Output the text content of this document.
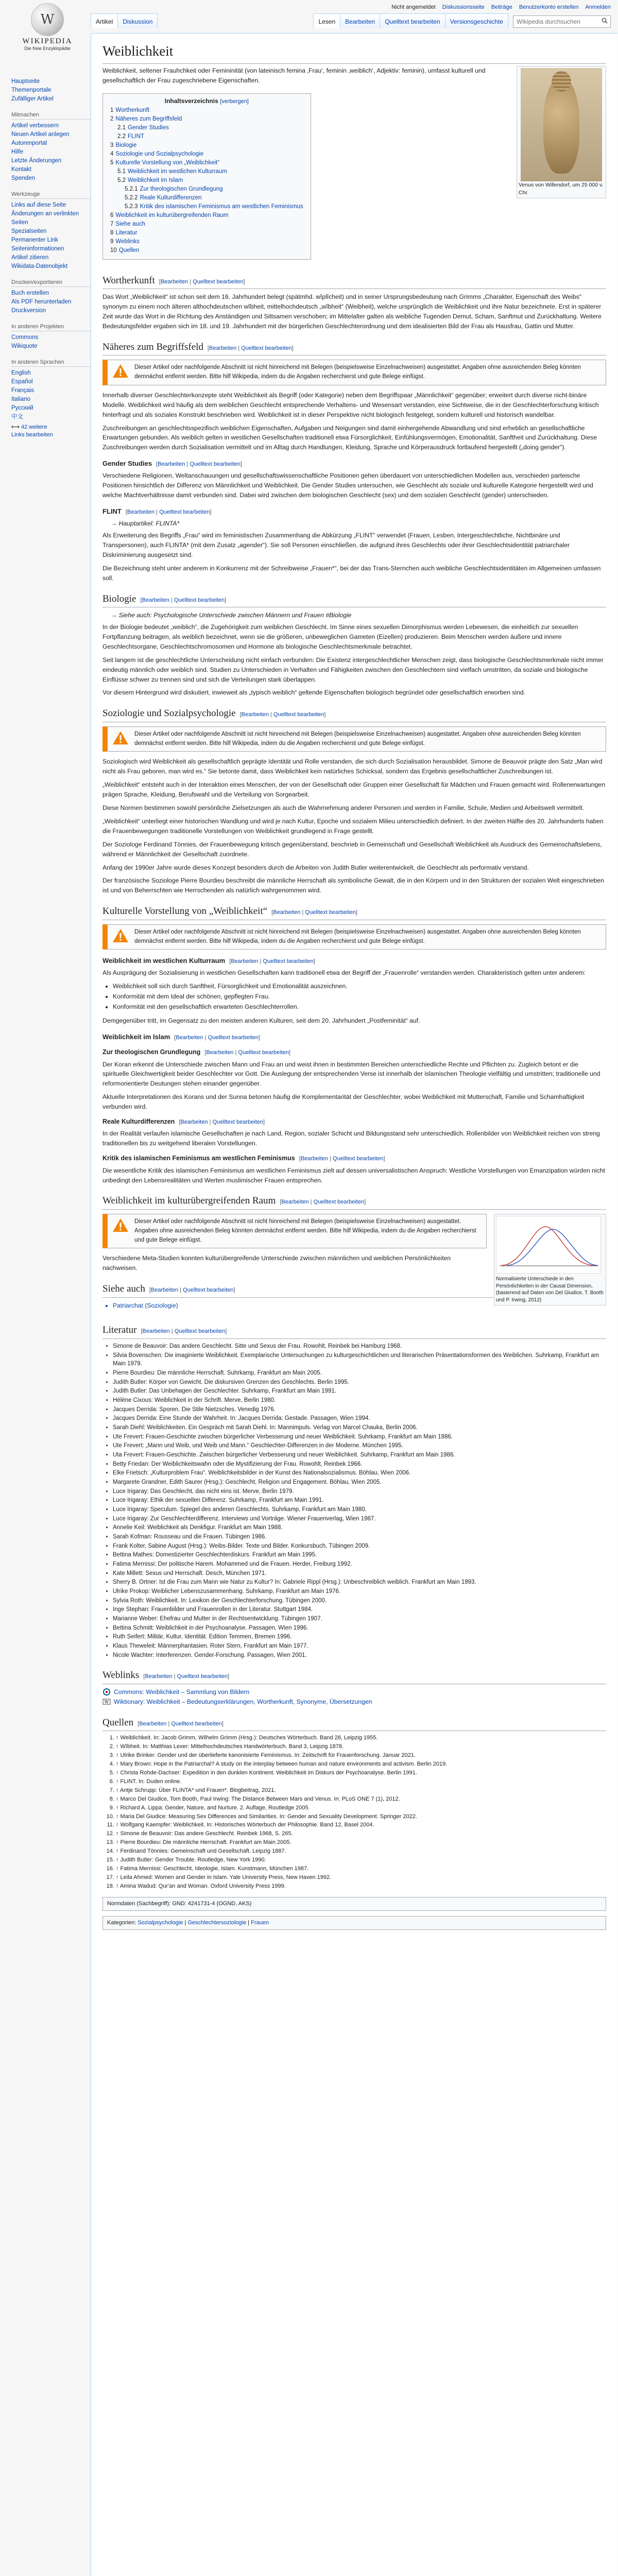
Nicht angemeldet Diskussionsseite Beiträge Benutzerkonto erstellen Anmelden
Artikel	Diskussion	Lesen	Bearbeiten	Quelltext bearbeiten	Versionsgeschichte
Wikipedia durchsuchen
W
WIKIPEDIA
Die freie Enzyklopädie
Hauptseite
Themenportale
Zufälliger Artikel
Mitmachen
Artikel verbessern
Neuen Artikel anlegen
Autorenportal
Hilfe
Letzte Änderungen
Kontakt
Spenden
Werkzeuge
Links auf diese Seite
Änderungen an verlinkten Seiten
Spezialseiten
Permanenter Link
Seiteninformationen
Artikel zitieren
Wikidata-Datenobjekt
Drucken/exportieren
Buch erstellen
Als PDF herunterladen
Druckversion
In anderen Projekten
Commons
Wikiquote
In anderen Sprachen
English
Español
Français
Italiano
Русский
中文
⟷ 42 weitere
Links bearbeiten
Weiblichkeit
Venus von Willendorf, um 25 000 v. Chr.

Weiblichkeit, seltener Frauhchkeit oder Femininität (von lateinisch femina ‚Frau‘, feminin ‚weiblich‘, Adjektiv: feminin), umfasst kulturell und gesellschaftlich der Frau zugeschriebene Eigenschaften.

Inhaltsverzeichnis [verbergen]
1 Wortherkunft
2 Näheres zum Begriffsfeld
2.1 Gender Studies
2.2 FLINT
3 Biologie
4 Soziologie und Sozialpsychologie
5 Kulturelle Vorstellung von „Weiblichkeit“
5.1 Weiblichkeit im westlichen Kulturraum
5.2 Weiblichkeit im Islam
5.2.1 Zur theologischen Grundlegung
5.2.2 Reale Kulturdifferenzen
5.2.3 Kritik des islamischen Feminismus am westlichen Feminismus
6 Weiblichkeit im kulturübergreifenden Raum
7 Siehe auch
8 Literatur
9 Weblinks
10 Quellen
Wortherkunft [Bearbeiten | Quelltext bearbeiten]

Das Wort „Weiblichkeit“ ist schon seit dem 16. Jahrhundert belegt (spätmhd. wîplîcheit) und in seiner Ursprungsbedeutung nach Grimms „Charakter, Eigenschaft des Weibs“ synonym zu einem noch älteren althochdeutschen wîbheit, mittelhochdeutsch „wîbheit“ (Weibheit), welche ursprünglich die Weiblichkeit und ihre Natur bezeichnete. Erst in späterer Zeit wurde das Wort in die Richtung des Anständigen und Sittsamen verschoben; im Mittelalter galten als weibliche Tugenden Demut, Scham, Sanftmut und Zurückhaltung. Weitere Bedeutungsfelder ergaben sich im 18. und 19. Jahrhundert mit der bürgerlichen Geschlechterordnung und dem idealisierten Bild der Frau als Hausfrau, Gattin und Mutter.

Näheres zum Begriffsfeld [Bearbeiten | Quelltext bearbeiten]
Dieser Artikel oder nachfolgende Abschnitt ist nicht hinreichend mit Belegen (beispielsweise Einzelnachweisen) ausgestattet. Angaben ohne ausreichenden Beleg könnten demnächst entfernt werden. Bitte hilf Wikipedia, indem du die Angaben recherchierst und gute Belege einfügst.

Innerhalb diverser Geschlechterkonzepte steht Weiblichkeit als Begriff (oder Kategorie) neben dem Begriffspaar „Männlichkeit“ gegenüber; erweitert durch diverse nicht-binäre Modelle. Weiblichkeit wird häufig als dem weiblichen Geschlecht entsprechende Verhaltens- und Wesensart verstanden, eine Sichtweise, die in der Geschlechterforschung kritisch hinterfragt und als soziales Konstrukt beschrieben wird. Weiblichkeit ist in dieser Perspektive nicht biologisch festgelegt, sondern kulturell und historisch wandelbar.

Zuschreibungen an geschlechtsspezifisch weiblichen Eigenschaften, Aufgaben und Neigungen sind damit einhergehende Abwandlung und sind erheblich an gesellschaftliche Erwartungen gebunden. Als weiblich gelten in westlichen Gesellschaften traditionell etwa Fürsorglichkeit, Einfühlungsvermögen, Emotionalität, Sanftheit und Zurückhaltung. Diese Zuschreibungen werden durch Sozialisation vermittelt und im Alltag durch Handlungen, Kleidung, Sprache und Körperausdruck fortlaufend hergestellt („doing gender“).

Gender Studies [Bearbeiten | Quelltext bearbeiten]

Verschiedene Religionen, Weltanschauungen und gesellschaftswissenschaftliche Positionen gehen überdauert von unterschiedlichen Modellen aus, verschieden parteische Positionen hinsichtlich der Differenz von Männlichkeit und Weiblichkeit. Die Gender Studies untersuchen, wie Geschlecht als soziale und kulturelle Kategorie hergestellt wird und welche Machtverhältnisse damit verbunden sind. Dabei wird zwischen dem biologischen Geschlecht (sex) und dem sozialen Geschlecht (gender) unterschieden.

FLINT [Bearbeiten | Quelltext bearbeiten]
→ Hauptartikel: FLINTA*

Als Erweiterung des Begriffs „Frau“ wird im feministischen Zusammenhang die Abkürzung „FLINT“ verwendet (Frauen, Lesben, Intergeschlechtliche, Nichtbinäre und Transpersonen), auch FLINTA* (mit dem Zusatz „agender“). Sie soll Personen einschließen, die aufgrund ihres Geschlechts oder ihrer Geschlechtsidentität patriarchaler Diskriminierung ausgesetzt sind.

Die Bezeichnung steht unter anderem in Konkurrenz mit der Schreibweise „Frauen*“, bei der das Trans-Sternchen auch weibliche Geschlechtsidentitäten im Allgemeinen umfassen soll.

Biologie [Bearbeiten | Quelltext bearbeiten]
→ Siehe auch: Psychologische Unterschiede zwischen Männern und Frauen #Biologie

In der Biologie bedeutet „weiblich“, die Zugehörigkeit zum weiblichen Geschlecht. Im Sinne eines sexuellen Dimorphismus werden Lebewesen, die einheitlich zur sexuellen Fortpflanzung beitragen, als weiblich bezeichnet, wenn sie die größeren, unbeweglichen Gameten (Eizellen) produzieren. Beim Menschen werden äußere und innere Geschlechtsorgane, Geschlechtschromosomen und Hormone als biologische Geschlechtsmerkmale betrachtet.

Seit langem ist die geschlechtliche Unterscheidung nicht einfach verbunden: Die Existenz intergeschlechtlicher Menschen zeigt, dass biologische Geschlechtsmerkmale nicht immer eindeutig männlich oder weiblich sind. Studien zu Unterschieden in Verhalten und Fähigkeiten zwischen den Geschlechtern sind vielfach umstritten, da soziale und biologische Einflüsse schwer zu trennen sind und sich die Verteilungen stark überlappen.

Vor diesem Hintergrund wird diskutiert, inwieweit als „typisch weiblich“ geltende Eigenschaften biologisch begründet oder gesellschaftlich erworben sind.

Soziologie und Sozialpsychologie [Bearbeiten | Quelltext bearbeiten]
Dieser Artikel oder nachfolgende Abschnitt ist nicht hinreichend mit Belegen (beispielsweise Einzelnachweisen) ausgestattet. Angaben ohne ausreichenden Beleg könnten demnächst entfernt werden. Bitte hilf Wikipedia, indem du die Angaben recherchierst und gute Belege einfügst.

Soziologisch wird Weiblichkeit als gesellschaftlich geprägte Identität und Rolle verstanden, die sich durch Sozialisation herausbildet. Simone de Beauvoir prägte den Satz „Man wird nicht als Frau geboren, man wird es.“ Sie betonte damit, dass Weiblichkeit kein natürliches Schicksal, sondern das Ergebnis gesellschaftlicher Zuschreibungen ist.

„Weiblichkeit“ entsteht auch in der Interaktion eines Menschen, der von der Gesellschaft oder Gruppen einer Gesellschaft für Mädchen und Frauen gemacht wird. Rollenerwartungen prägen Sprache, Kleidung, Berufswahl und die Verteilung von Sorgearbeit.

Diese Normen bestimmen sowohl persönliche Zielsetzungen als auch die Wahrnehmung anderer Personen und werden in Familie, Schule, Medien und Arbeitswelt vermittelt.

„Weiblichkeit“ unterliegt einer historischen Wandlung und wird je nach Kultur, Epoche und sozialem Milieu unterschiedlich definiert. In der zweiten Hälfte des 20. Jahrhunderts haben die Frauenbewegungen traditionelle Vorstellungen von Weiblichkeit grundlegend in Frage gestellt.

Der Soziologe Ferdinand Tönnies, der Frauenbewegung kritisch gegenüberstand, beschrieb in Gemeinschaft und Gesellschaft Weiblichkeit als Ausdruck des Gemeinschaftslebens, während er Männlichkeit der Gesellschaft zuordnete.

Anfang der 1990er Jahre wurde dieses Konzept besonders durch die Arbeiten von Judith Butler weiterentwickelt, die Geschlecht als performativ verstand.

Der französische Soziologe Pierre Bourdieu beschreibt die männliche Herrschaft als symbolische Gewalt, die in den Körpern und in den Strukturen der sozialen Welt eingeschrieben ist und von Beherrschten wie Herrschenden als natürlich wahrgenommen wird.

Kulturelle Vorstellung von „Weiblichkeit“ [Bearbeiten | Quelltext bearbeiten]
Dieser Artikel oder nachfolgende Abschnitt ist nicht hinreichend mit Belegen (beispielsweise Einzelnachweisen) ausgestattet. Angaben ohne ausreichenden Beleg könnten demnächst entfernt werden. Bitte hilf Wikipedia, indem du die Angaben recherchierst und gute Belege einfügst.
Weiblichkeit im westlichen Kulturraum [Bearbeiten | Quelltext bearbeiten]

Als Ausprägung der Sozialisierung in westlichen Gesellschaften kann traditionell etwa der Begriff der „Frauenrolle“ verstanden werden. Charakteristisch gelten unter anderem:

• Weiblichkeit soll sich durch Sanftheit, Fürsorglichkeit und Emotionalität auszeichnen.
• Konformität mit dem Ideal der schönen, gepflegten Frau.
• Konformität mit den gesellschaftlich erwarteten Geschlechterrollen.

Demgegenüber tritt, im Gegensatz zu den meisten anderen Kulturen, seit dem 20. Jahrhundert „Postfeminität“ auf.

Weiblichkeit im Islam [Bearbeiten | Quelltext bearbeiten]
Zur theologischen Grundlegung [Bearbeiten | Quelltext bearbeiten]

Der Koran erkennt die Unterschiede zwischen Mann und Frau an und weist ihnen in bestimmten Bereichen unterschiedliche Rechte und Pflichten zu. Zugleich betont er die spirituelle Gleichwertigkeit beider Geschlechter vor Gott. Die Auslegung der entsprechenden Verse ist innerhalb der islamischen Theologie vielfältig und umstritten; traditionelle und reformorientierte Deutungen stehen einander gegenüber.

Aktuelle Interpretationen des Korans und der Sunna betonen häufig die Komplementarität der Geschlechter, wobei Weiblichkeit mit Mutterschaft, Familie und Schamhaftigkeit verbunden wird.

Reale Kulturdifferenzen [Bearbeiten | Quelltext bearbeiten]

In der Realität verlaufen islamische Gesellschaften je nach Land, Region, sozialer Schicht und Bildungsstand sehr unterschiedlich. Rollenbilder von Weiblichkeit reichen von streng traditionellen bis zu weitgehend liberalen Vorstellungen.

Kritik des islamischen Feminismus am westlichen Feminismus [Bearbeiten | Quelltext bearbeiten]

Die wesentliche Kritik des islamischen Feminismus am westlichen Feminismus zielt auf dessen universalistischen Anspruch: Westliche Vorstellungen von Emanzipation würden nicht unbedingt den Lebensrealitäten und Werten muslimischer Frauen entsprechen.

Weiblichkeit im kulturübergreifenden Raum [Bearbeiten | Quelltext bearbeiten]
Normalisierte Unterschiede in den Persönlichkeiten in der Causal Dimension, (basierend auf Daten von Del Giudice, T. Booth und P. Irwing, 2012)
Dieser Artikel oder nachfolgende Abschnitt ist nicht hinreichend mit Belegen (beispielsweise Einzelnachweisen) ausgestattet. Angaben ohne ausreichenden Beleg könnten demnächst entfernt werden. Bitte hilf Wikipedia, indem du die Angaben recherchierst und gute Belege einfügst.

Verschiedene Meta-Studien konnten kulturübergreifende Unterschiede zwischen männlichen und weiblichen Persönlichkeiten nachweisen.

Siehe auch [Bearbeiten | Quelltext bearbeiten]
• Patriarchat (Soziologie)
Literatur [Bearbeiten | Quelltext bearbeiten]
• Simone de Beauvoir: Das andere Geschlecht. Sitte und Sexus der Frau. Rowohlt, Reinbek bei Hamburg 1968.
• Silvia Bovenschen: Die imaginierte Weiblichkeit. Exemplarische Untersuchungen zu kulturgeschichtlichen und literarischen Präsentationsformen des Weiblichen. Suhrkamp, Frankfurt am Main 1979.
• Pierre Bourdieu: Die männliche Herrschaft. Suhrkamp, Frankfurt am Main 2005.
• Judith Butler: Körper von Gewicht. Die diskursiven Grenzen des Geschlechts. Berlin 1995.
• Judith Butler: Das Unbehagen der Geschlechter. Suhrkamp, Frankfurt am Main 1991.
• Hélène Cixous: Weiblichkeit in der Schrift. Merve, Berlin 1980.
• Jacques Derrida: Sporen. Die Stile Nietzsches. Venedig 1976.
• Jacques Derrida: Eine Stunde der Wahrheit. In: Jacques Derrida: Gestade. Passagen, Wien 1994.
• Sarah Diehl: Weiblichkeiten. Ein Gespräch mit Sarah Diehl. In: Mannimpuls. Verlag von Marcel Chauka, Berlin 2006.
• Ute Frevert: Frauen-Geschichte zwischen bürgerlicher Verbesserung und neuer Weiblichkeit. Suhrkamp, Frankfurt am Main 1986.
• Ute Frevert: „Mann und Weib, und Weib und Mann.“ Geschlechter-Differenzen in der Moderne. München 1995.
• Uta Frevert: Frauen-Geschichte. Zwischen bürgerlicher Verbesserung und neuer Weiblichkeit. Suhrkamp, Frankfurt am Main 1986.
• Betty Friedan: Der Weiblichkeitswahn oder die Mystifizierung der Frau. Rowohlt, Reinbek 1966.
• Elke Frietsch: „Kulturproblem Frau“. Weiblichkeitsbilder in der Kunst des Nationalsozialismus. Böhlau, Wien 2006.
• Margarete Grandner, Edith Saurer (Hrsg.): Geschlecht, Religion und Engagement. Böhlau, Wien 2005.
• Luce Irigaray: Das Geschlecht, das nicht eins ist. Merve, Berlin 1979.
• Luce Irigaray: Ethik der sexuellen Differenz. Suhrkamp, Frankfurt am Main 1991.
• Luce Irigaray: Speculum. Spiegel des anderen Geschlechts. Suhrkamp, Frankfurt am Main 1980.
• Luce Irigaray: Zur Geschlechterdifferenz. Interviews und Vorträge. Wiener Frauenverlag, Wien 1987.
• Annelie Keil: Weiblichkeit als Denkfigur. Frankfurt am Main 1988.
• Sarah Kofman: Rousseau und die Frauen. Tübingen 1986.
• Frank Kolter, Sabine August (Hrsg.): Weibs-Bilder. Texte und Bilder. Konkursbuch, Tübingen 2009.
• Bettina Mathes: Domestizierter Geschlechterdiskurs. Frankfurt am Main 1995.
• Fatima Mernissi: Der politische Harem. Mohammed und die Frauen. Herder, Freiburg 1992.
• Kate Millett: Sexus und Herrschaft. Desch, München 1971.
• Sherry B. Ortner: Ist die Frau zum Mann wie Natur zu Kultur? In: Gabriele Rippl (Hrsg.): Unbeschreiblich weiblich. Frankfurt am Main 1993.
• Ulrike Prokop: Weiblicher Lebenszusammenhang. Suhrkamp, Frankfurt am Main 1976.
• Sylvia Roth: Weiblichkeit. In: Lexikon der Geschlechterforschung. Tübingen 2000.
• Inge Stephan: Frauenbilder und Frauenrollen in der Literatur. Stuttgart 1984.
• Marianne Weber: Ehefrau und Mutter in der Rechtsentwicklung. Tübingen 1907.
• Bettina Schmitt: Weiblichkeit in der Psychoanalyse. Passagen, Wien 1996.
• Ruth Seifert: Militär, Kultur, Identität. Edition Temmen, Bremen 1996.
• Klaus Theweleit: Männerphantasien. Roter Stern, Frankfurt am Main 1977.
• Nicole Wachter: Interferenzen. Gender-Forschung. Passagen, Wien 2001.
Weblinks [Bearbeiten | Quelltext bearbeiten]
Commons: Weiblichkeit – Sammlung von Bildern
W Wiktionary: Weiblichkeit – Bedeutungserklärungen, Wortherkunft, Synonyme, Übersetzungen
Quellen [Bearbeiten | Quelltext bearbeiten]
1. ↑ Weiblichkeit. In: Jacob Grimm, Wilhelm Grimm (Hrsg.): Deutsches Wörterbuch. Band 28, Leipzig 1955.
2. ↑ Wîbheit. In: Matthias Lexer: Mittelhochdeutsches Handwörterbuch. Band 3, Leipzig 1878.
3. ↑ Ulrike Brinker: Gender und der überlieferte kanonisierte Feminismus. In: Zeitschrift für Frauenforschung. Januar 2021.
4. ↑ Mary Brown: Hope in the Patriarchal? A study on the interplay between human and nature environments and activism. Berlin 2019.
5. ↑ Christa Rohde-Dachser: Expedition in den dunklen Kontinent. Weiblichkeit im Diskurs der Psychoanalyse. Berlin 1991.
6. ↑ FLINT. In: Duden online.
7. ↑ Antje Schrupp: Über FLINTA* und Frauen*. Blogbeitrag, 2021.
8. ↑ Marco Del Giudice, Tom Booth, Paul Irwing: The Distance Between Mars and Venus. In: PLoS ONE 7 (1), 2012.
9. ↑ Richard A. Lippa: Gender, Nature, and Nurture. 2. Auflage, Routledge 2005.
10. ↑ Maria Del Giudice: Measuring Sex Differences and Similarities. In: Gender and Sexuality Development. Springer 2022.
11. ↑ Wolfgang Kaempfer: Weiblichkeit. In: Historisches Wörterbuch der Philosophie. Band 12, Basel 2004.
12. ↑ Simone de Beauvoir: Das andere Geschlecht. Reinbek 1968, S. 265.
13. ↑ Pierre Bourdieu: Die männliche Herrschaft. Frankfurt am Main 2005.
14. ↑ Ferdinand Tönnies: Gemeinschaft und Gesellschaft. Leipzig 1887.
15. ↑ Judith Butler: Gender Trouble. Routledge, New York 1990.
16. ↑ Fatima Mernissi: Geschlecht, Ideologie, Islam. Kunstmann, München 1987.
17. ↑ Leila Ahmed: Women and Gender in Islam. Yale University Press, New Haven 1992.
18. ↑ Amina Wadud: Qur'an and Woman. Oxford University Press 1999.
Normdaten (Sachbegriff): GND: 4241731-4 (OGND, AKS)
Kategorien: Sozialpsychologie | Geschlechtersoziologie | Frauen
